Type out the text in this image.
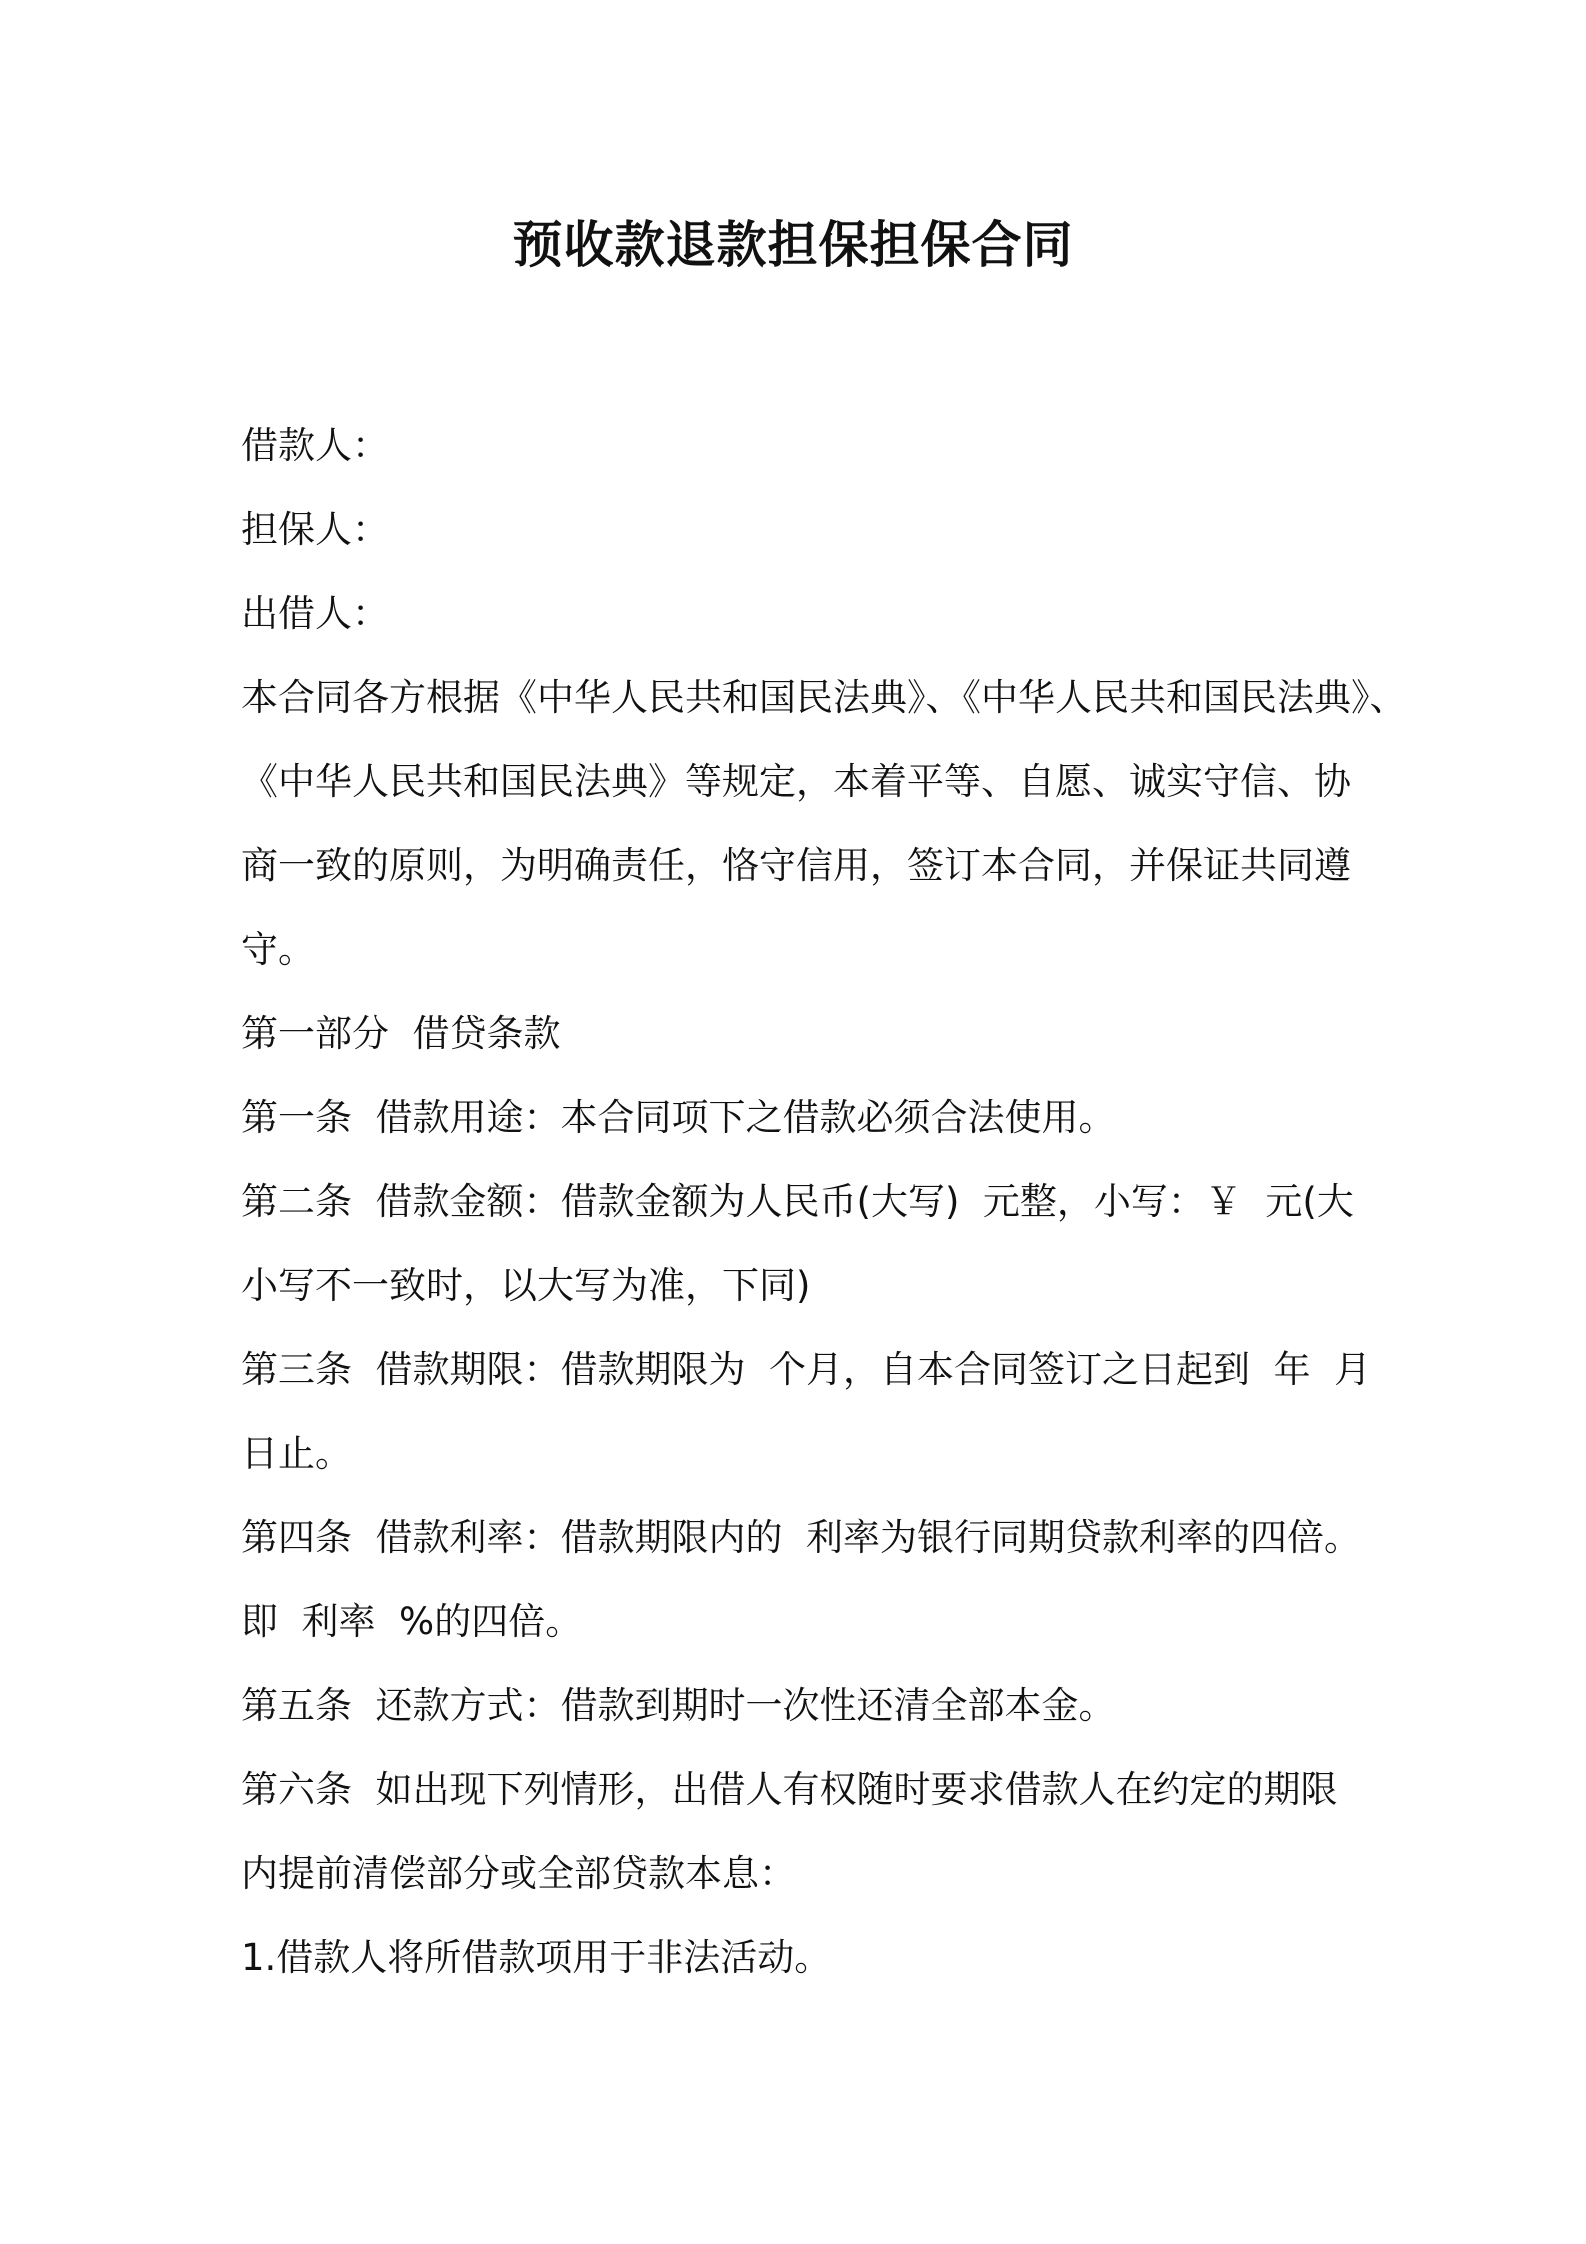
预收款退款担保担保合同
借款人：
担保人：
出借人：
本合同各方根据《中华人民共和国民法典》、《中华人民共和国民法典》、
《中华人民共和国民法典》等规定，本着平等、自愿、诚实守信、协
商一致的原则，为明确责任，恪守信用，签订本合同，并保证共同遵
守。
第一部分  借贷条款
第一条  借款用途：本合同项下之借款必须合法使用。
第二条  借款金额：借款金额为人民币(大写)  元整，小写：￥  元(大
小写不一致时，以大写为准，下同)
第三条  借款期限：借款期限为  个月，自本合同签订之日起到  年  月
日止。
第四条  借款利率：借款期限内的  利率为银行同期贷款利率的四倍。
即  利率  %的四倍。
第五条  还款方式：借款到期时一次性还清全部本金。
第六条  如出现下列情形，出借人有权随时要求借款人在约定的期限
内提前清偿部分或全部贷款本息：
1.借款人将所借款项用于非法活动。
